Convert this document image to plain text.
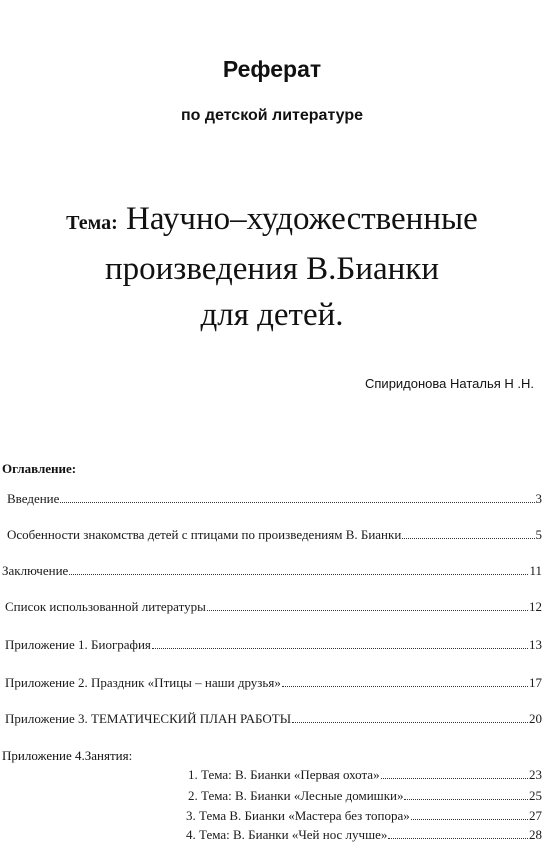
Реферат
по детской литературе
Тема: Научно–художественные
произведения В.Бианки
для детей.
Спиридонова Наталья Н .Н.
Оглавление:
Введение	3
Особенности знакомства детей с птицами по произведениям В. Бианки	5
Заключение	11
Список использованной литературы	12
Приложение 1. Биография	13
Приложение 2. Праздник «Птицы – наши друзья»	17
Приложение 3. ТЕМАТИЧЕСКИЙ ПЛАН РАБОТЫ	20
Приложение 4.Занятия:
1. Тема: В. Бианки «Первая охота»	23
2. Тема: В. Бианки «Лесные домишки»	25
3. Тема В. Бианки «Мастера без топора»	27
4. Тема: В. Бианки «Чей нос лучше»	28
